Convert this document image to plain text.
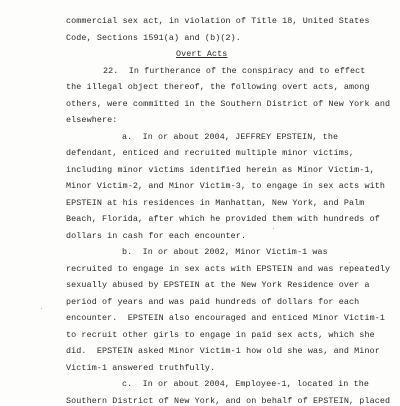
commercial sex act, in violation of Title 18, United States
Code, Sections 1591(a) and (b)(2).
Overt Acts
22.  In furtherance of the conspiracy and to effect
the illegal object thereof, the following overt acts, among
others, were committed in the Southern District of New York and
elsewhere:
a.  In or about 2004, JEFFREY EPSTEIN, the
defendant, enticed and recruited multiple minor victims,
including minor victims identified herein as Minor Victim-1,
Minor Victim-2, and Minor Victim-3, to engage in sex acts with
EPSTEIN at his residences in Manhattan, New York, and Palm
Beach, Florida, after which he provided them with hundreds of
dollars in cash for each encounter.
b.  In or about 2002, Minor Victim-1 was
recruited to engage in sex acts with EPSTEIN and was repeatedly
sexually abused by EPSTEIN at the New York Residence over a
period of years and was paid hundreds of dollars for each
encounter.  EPSTEIN also encouraged and enticed Minor Victim-1
to recruit other girls to engage in paid sex acts, which she
did.  EPSTEIN asked Minor Victim-1 how old she was, and Minor
Victim-1 answered truthfully.
c.  In or about 2004, Employee-1, located in the
Southern District of New York, and on behalf of EPSTEIN, placed
